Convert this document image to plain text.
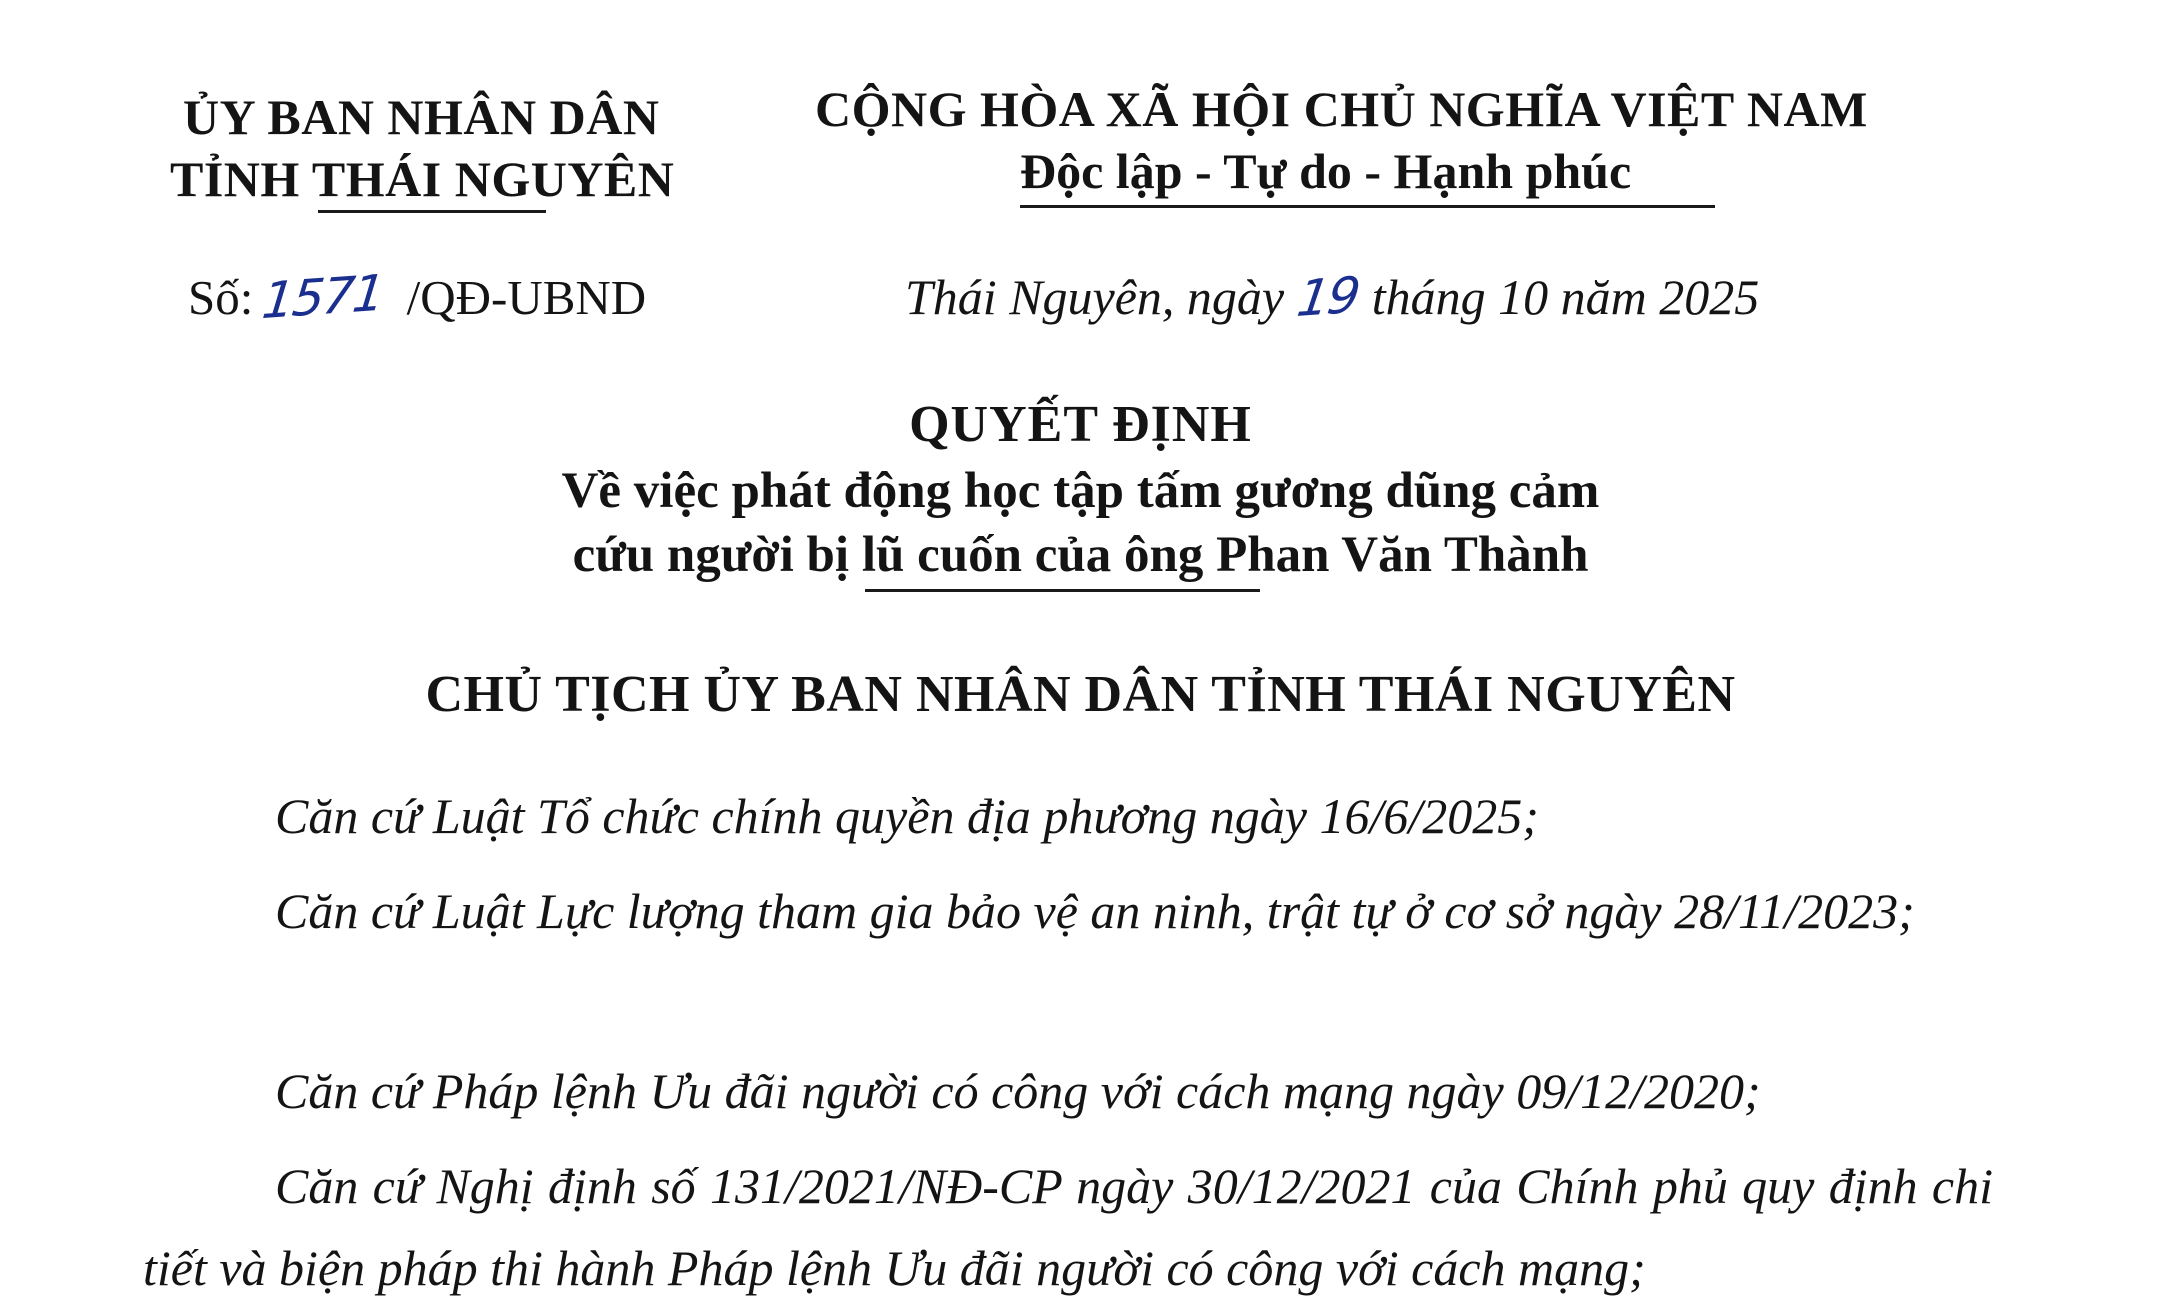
ỦY BAN NHÂN DÂN
TỈNH THÁI NGUYÊN
Số: 1571 /QĐ-UBND
CỘNG HÒA XÃ HỘI CHỦ NGHĨA VIỆT NAM
Độc lập - Tự do - Hạnh phúc
Thái Nguyên, ngày 19 tháng 10 năm 2025
QUYẾT ĐỊNH
Về việc phát động học tập tấm gương dũng cảm
cứu người bị lũ cuốn của ông Phan Văn Thành
CHỦ TỊCH ỦY BAN NHÂN DÂN TỈNH THÁI NGUYÊN
Căn cứ Luật Tổ chức chính quyền địa phương ngày 16/6/2025;
Căn cứ Luật Lực lượng tham gia bảo vệ an ninh, trật tự ở cơ sở ngày 28/11/2023;
Căn cứ Pháp lệnh Ưu đãi người có công với cách mạng ngày 09/12/2020;
Căn cứ Nghị định số 131/2021/NĐ-CP ngày 30/12/2021 của Chính phủ quy định chi tiết và biện pháp thi hành Pháp lệnh Ưu đãi người có công với cách mạng;
